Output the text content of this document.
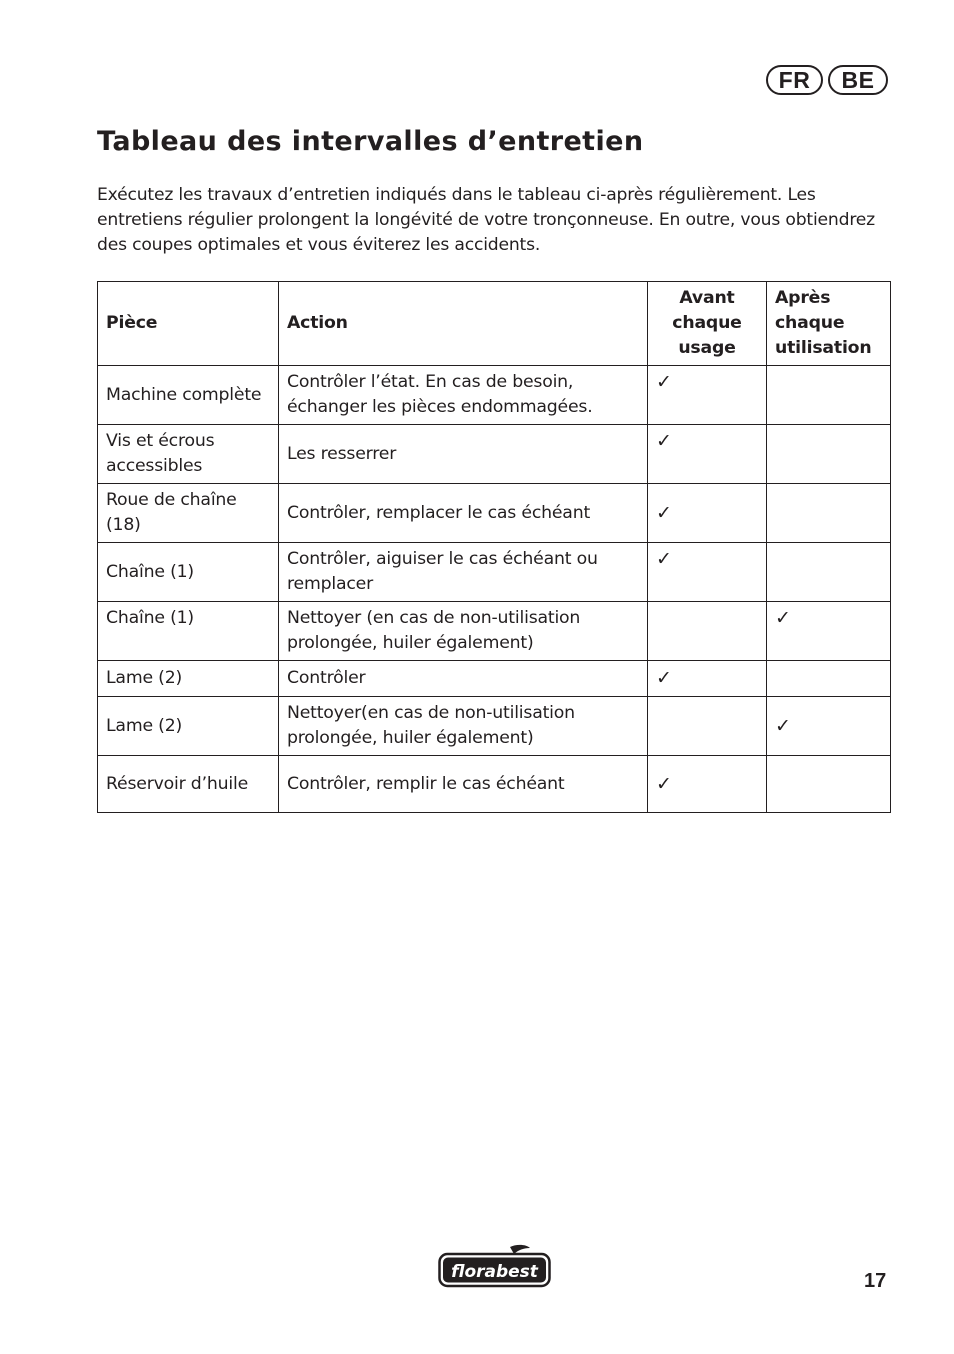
FR	BE
Tableau des intervalles d’entretien

Exécutez les travaux d’entretien indiqués dans le tableau ci-après régulièrement. Les entretiens régulier prolongent la longévité de votre tronçonneuse. En outre, vous obtiendrez des coupes optimales et vous éviterez les accidents.

Pièce	Action	Avant chaque usage	Après chaque utilisation
Machine complète	Contrôler l’état. En cas de besoin, échanger les pièces endommagées.	✓	
Vis et écrous accessibles	Les resserrer	✓	
Roue de chaîne (18)	Contrôler, remplacer le cas échéant	✓	
Chaîne (1)	Contrôler, aiguiser le cas échéant ou remplacer	✓	
Chaîne (1)	Nettoyer (en cas de non-utilisation prolongée, huiler également)		✓
Lame (2)	Contrôler	✓	
Lame (2)	Nettoyer(en cas de non-utilisation prolongée, huiler également)		✓
Réservoir d’huile	Contrôler, remplir le cas échéant	✓	
florabest	17
